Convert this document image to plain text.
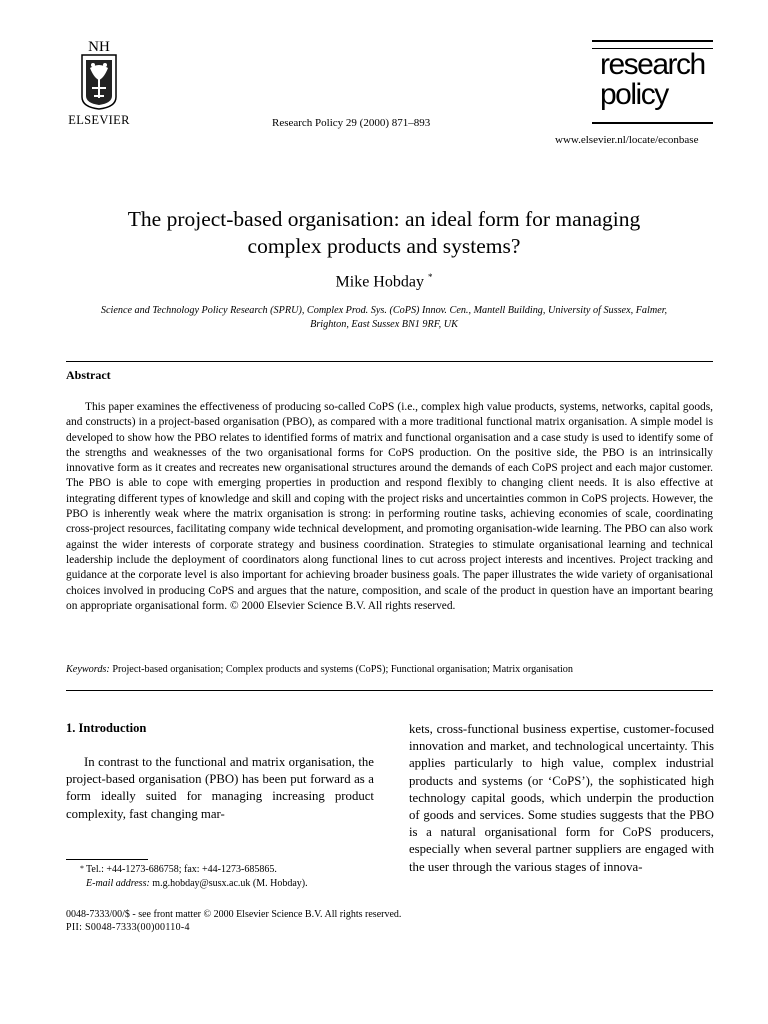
NH
ELSEVIER	Research Policy 29 (2000) 871–893
research
policy
www.elsevier.nl/locate/econbase
The project-based organisation: an ideal form for managing
complex products and systems?
Mike Hobday *
Science and Technology Policy Research (SPRU), Complex Prod. Sys. (CoPS) Innov. Cen., Mantell Building, University of Sussex, Falmer,
Brighton, East Sussex BN1 9RF, UK
Abstract

This paper examines the effectiveness of producing so-called CoPS (i.e., complex high value products, systems, networks, capital goods, and constructs) in a project-based organisation (PBO), as compared with a more traditional functional matrix organisation. A simple model is developed to show how the PBO relates to identified forms of matrix and functional organisation and a case study is used to identify some of the strengths and weaknesses of the two organisational forms for CoPS production. On the positive side, the PBO is an intrinsically innovative form as it creates and recreates new organisational structures around the demands of each CoPS project and each major customer. The PBO is able to cope with emerging properties in production and respond flexibly to changing client needs. It is also effective at integrating different types of knowledge and skill and coping with the project risks and uncertainties common in CoPS projects. However, the PBO is inherently weak where the matrix organisation is strong: in performing routine tasks, achieving economies of scale, coordinating cross-project resources, facilitating company wide technical development, and promoting organisation-wide learning. The PBO can also work against the wider interests of corporate strategy and business coordination. Strategies to stimulate organisational learning and technical leadership include the deployment of coordinators along functional lines to cut across project interests and incentives. Project tracking and guidance at the corporate level is also important for achieving broader business goals. The paper illustrates the wide variety of organisational choices involved in producing CoPS and argues that the nature, composition, and scale of the product in question have an important bearing on appropriate organisational form. © 2000 Elsevier Science B.V. All rights reserved.

Keywords: Project-based organisation; Complex products and systems (CoPS); Functional organisation; Matrix organisation
1. Introduction

In contrast to the functional and matrix organisation, the project-based organisation (PBO) has been put forward as a form ideally suited for managing increasing product complexity, fast changing mar-

kets, cross-functional business expertise, customer-focused innovation and market, and technological uncertainty. This applies particularly to high value, complex industrial products and systems (or ‘CoPS’), the sophisticated high technology capital goods, which underpin the production of goods and services. Some studies suggests that the PBO is a natural organisational form for CoPS producers, especially when several partner suppliers are engaged with the user through the various stages of innova-

* Tel.: +44-1273-686758; fax: +44-1273-685865.
E-mail address: m.g.hobday@susx.ac.uk (M. Hobday).
0048-7333/00/$ - see front matter © 2000 Elsevier Science B.V. All rights reserved.
PII: S0048-7333(00)00110-4
